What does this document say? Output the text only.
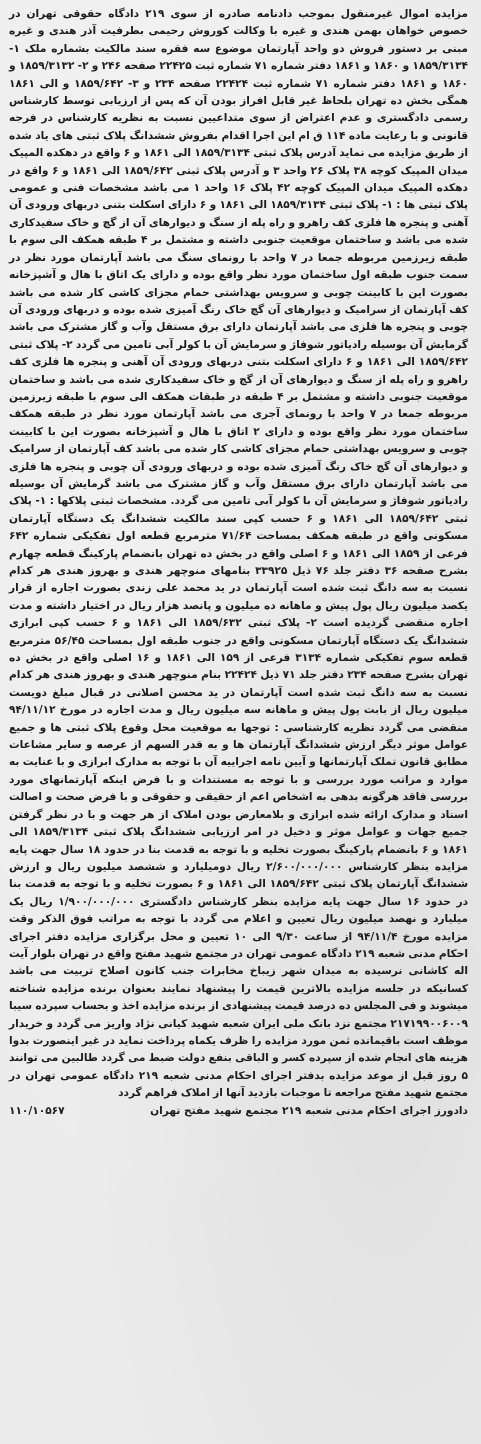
مزایده اموال غیرمنقول بموجب دادنامه صادره از سوی ۲۱۹ دادگاه حقوقی تهران در خصوص خواهان بهمن هندی و غیره با وکالت کوروش رحیمی بطرفیت آذر هندی و غیره مبنی بر دستور فروش دو واحد آپارتمان موضوع سه فقره سند مالکیت بشماره ملک ۱- ۱۸۵۹/۳۱۳۴ و ۱۸۶۰ و ۱۸۶۱ دفتر شماره ۷۱ شماره ثبت ۲۲۴۲۵ صفحه ۲۴۶ و ۲- ۱۸۵۹/۳۱۳۲ و ۱۸۶۰ و ۱۸۶۱ دفتر شماره ۷۱ شماره ثبت ۲۲۴۲۴ صفحه ۲۳۴ و ۳- ۱۸۵۹/۶۴۲ و الی ۱۸۶۱ همگی بخش ده تهران بلحاظ غیر قابل افراز بودن آن که پس از ارزیابی توسط کارشناس رسمی دادگستری و عدم اعتراض از سوی متداعیین نسبت به نظریه کارشناس در فرجه قانونی و با رعایت ماده ۱۱۴ ق ام این اجرا اقدام بفروش ششدانگ پلاک ثبتی های یاد شده از طریق مزایده می نماید آدرس پلاک ثبتی ۱۸۵۹/۳۱۳۴ الی ۱۸۶۱ و ۶ واقع در دهکده المپیک میدان المپیک کوچه ۳۸ پلاک ۲۶ واحد ۳ و آدرس پلاک ثبتی ۱۸۵۹/۶۴۲ الی ۱۸۶۱ و ۶ واقع در دهکده المپیک میدان المپیک کوچه ۴۲ پلاک ۱۶ واحد ۱ می باشد مشخصات فنی و عمومی پلاک ثبتی ها : ۱- پلاک ثبتی ۱۸۵۹/۳۱۳۴ الی ۱۸۶۱ و ۶ دارای اسکلت بتنی دربهای ورودی آن آهنی و پنجره ها فلزی کف راهرو و راه پله از سنگ و دیوارهای آن از گچ و خاک سفیدکاری شده می باشد و ساختمان موقعیت جنوبی داشته و مشتمل بر ۴ طبقه همکف الی سوم با طبقه زیرزمین مربوطه جمعا در ۷ واحد با رونمای سنگ می باشد آپارتمان مورد نظر در سمت جنوب طبقه اول ساختمان مورد نظر واقع بوده و دارای یک اتاق با هال و آشپزخانه بصورت این با کابینت چوبی و سرویس بهداشتی حمام مجزای کاشی کار شده می باشد کف آپارتمان از سرامیک و دیوارهای آن گچ خاک رنگ آمیزی شده بوده و دربهای ورودی آن چوبی و پنجره ها فلزی می باشد آپارتمان دارای برق مستقل وآب و گاز مشترک می باشد گرمایش آن بوسیله رادیاتور شوفاژ و سرمایش آن با کولر آبی تامین می گردد ۲- پلاک ثبتی ۱۸۵۹/۶۴۲ الی ۱۸۶۱ و ۶ دارای اسکلت بتنی دربهای ورودی آن آهنی و پنجره ها فلزی کف راهرو و راه پله از سنگ و دیوارهای آن از گچ و خاک سفیدکاری شده می باشد و ساختمان موقعیت جنوبی داشته و مشتمل بر ۴ طبقه در طبقات همکف الی سوم با طبقه زیرزمین مربوطه جمعا در ۷ واحد با رونمای آجری می باشد آپارتمان مورد نظر در طبقه همکف ساختمان مورد نظر واقع بوده و دارای ۲ اتاق با هال و آشپزخانه بصورت این با کابینت چوبی و سرویس بهداشتی حمام مجزای کاشی کار شده می باشد کف آپارتمان از سرامیک و دیوارهای آن گچ خاک رنگ آمیزی شده بوده و دربهای ورودی آن چوبی و پنجره ها فلزی می باشد آپارتمان دارای برق مستقل وآب و گاز مشترک می باشد گرمایش آن بوسیله رادیاتور شوفاژ و سرمایش آن با کولر آبی تامین می گردد. مشخصات ثبتی پلاکها : ۱- پلاک ثبتی ۱۸۵۹/۶۴۲ الی ۱۸۶۱ و ۶ حسب کپی سند مالکیت ششدانگ یک دستگاه آپارتمان مسکونی واقع در طبقه همکف بمساحت ۷۱/۶۴ مترمربع قطعه اول تفکیکی شماره ۶۴۲ فرعی از ۱۸۵۹ الی ۱۸۶۱ و ۶ اصلی واقع در بخش ده تهران بانضمام پارکینگ قطعه چهارم بشرح صفحه ۳۶ دفتر جلد ۷۶ ذیل ۳۳۹۲۵ بنامهای منوچهر هندی و بهروز هندی هر کدام نسبت به سه دانگ ثبت شده است آپارتمان در ید محمد علی زندی بصورت اجاره از قرار یکصد میلیون ریال پول پیش و ماهانه ده میلیون و پانصد هزار ریال در اختیار داشته و مدت اجاره منقضی گردیده است ۲- پلاک ثبتی ۱۸۵۹/۶۳۲ الی ۱۸۶۱ و ۶ حسب کپی ابرازی ششدانگ یک دستگاه آپارتمان مسکونی واقع در جنوب طبقه اول بمساحت ۵۶/۴۵ مترمربع قطعه سوم تفکیکی شماره ۳۱۳۴ فرعی از ۱۵۹ الی ۱۸۶۱ و ۱۶ اصلی واقع در بخش ده تهران بشرح صفحه ۲۳۴ دفتر جلد ۷۱ ذیل ۲۲۴۲۴ بنام منوچهر هندی و بهروز هندی هر کدام نسبت به سه دانگ ثبت شده است آپارتمان در ید محسن اصلانی در قبال مبلغ دویست میلیون ریال از بابت پول پیش و ماهانه سه میلیون ریال و مدت اجاره در مورخ ۹۴/۱۱/۱۲ منقضی می گردد نظریه کارشناسی : توجها به موقعیت محل وقوع پلاک ثبتی ها و جمیع عوامل موثر دیگر ارزش ششدانگ آپارتمان ها و به قدر السهم از عرصه و سایر مشاعات مطابق قانون تملک آپارتمانها و آیین نامه اجراییه آن با توجه به مدارک ابرازی و با عنایت به موارد و مراتب مورد بررسی و با توجه به مستندات و با فرض اینکه آپارتمانهای مورد بررسی فاقد هرگونه بدهی به اشخاص اعم از حقیقی و حقوقی و با فرض صحت و اصالت اسناد و مدارک ارائه شده ابرازی و بلامعارض بودن املاک از هر جهت و با در نظر گرفتن جمیع جهات و عوامل موثر و دخیل در امر ارزیابی ششدانگ پلاک ثبتی ۱۸۵۹/۳۱۳۴ الی ۱۸۶۱ و ۶ بانضمام پارکینگ بصورت تخلیه و با توجه به قدمت بنا در حدود ۱۸ سال جهت پایه مزایده بنظر کارشناس ۲/۶۰۰/۰۰۰/۰۰۰ ریال دومیلیارد و ششصد میلیون ریال و ارزش ششدانگ آپارتمان پلاک ثبتی ۱۸۵۹/۶۴۲ الی ۱۸۶۱ و ۶ بصورت تخلیه و با توجه به قدمت بنا در حدود ۱۶ سال جهت پایه مزایده بنظر کارشناس دادگستری ۱/۹۰۰/۰۰۰/۰۰۰ ریال یک میلیارد و نهصد میلیون ریال تعیین و اعلام می گردد با توجه به مراتب فوق الذکر وقت مزایده مورخ ۹۴/۱۱/۴ از ساعت ۹/۳۰ الی ۱۰ تعیین و محل برگزاری مزایده دفتر اجرای احکام مدنی شعبه ۲۱۹ دادگاه عمومی تهران در مجتمع شهید مفتح واقع در تهران بلوار آیت اله کاشانی نرسیده به میدان شهر زیباخ مخابرات جنب کانون اصلاح تربیت می باشد کسانیکه در جلسه مزایده بالاترین قیمت را پیشنهاد نمایند بعنوان برنده مزایده شناخته میشوند و فی المجلس ده درصد قیمت پیشنهادی از برنده مزایده اخذ و بحساب سپرده سیبا ۲۱۷۱۹۹۰۰۶۰۰۹ مجتمع نزد بانک ملی ایران شعبه شهید کیانی نژاد واریز می گردد و خریدار موظف است باقیمانده ثمن مورد مزایده را ظرف یکماه پرداخت نماید در غیر اینصورت بدوا هزینه های انجام شده از سپرده کسر و الباقی بنفع دولت ضبط می گردد طالبین می توانند ۵ روز قبل از موعد مزایده بدفتر اجرای احکام مدنی شعبه ۲۱۹ دادگاه عمومی تهران در مجتمع شهید مفتح مراجعه تا موجبات بازدید آنها از املاک فراهم گردد

دادورز اجرای احکام مدنی شعبه ۲۱۹ مجتمع شهید مفتح تهران
۱۱۰/۱۰۵۶۷
